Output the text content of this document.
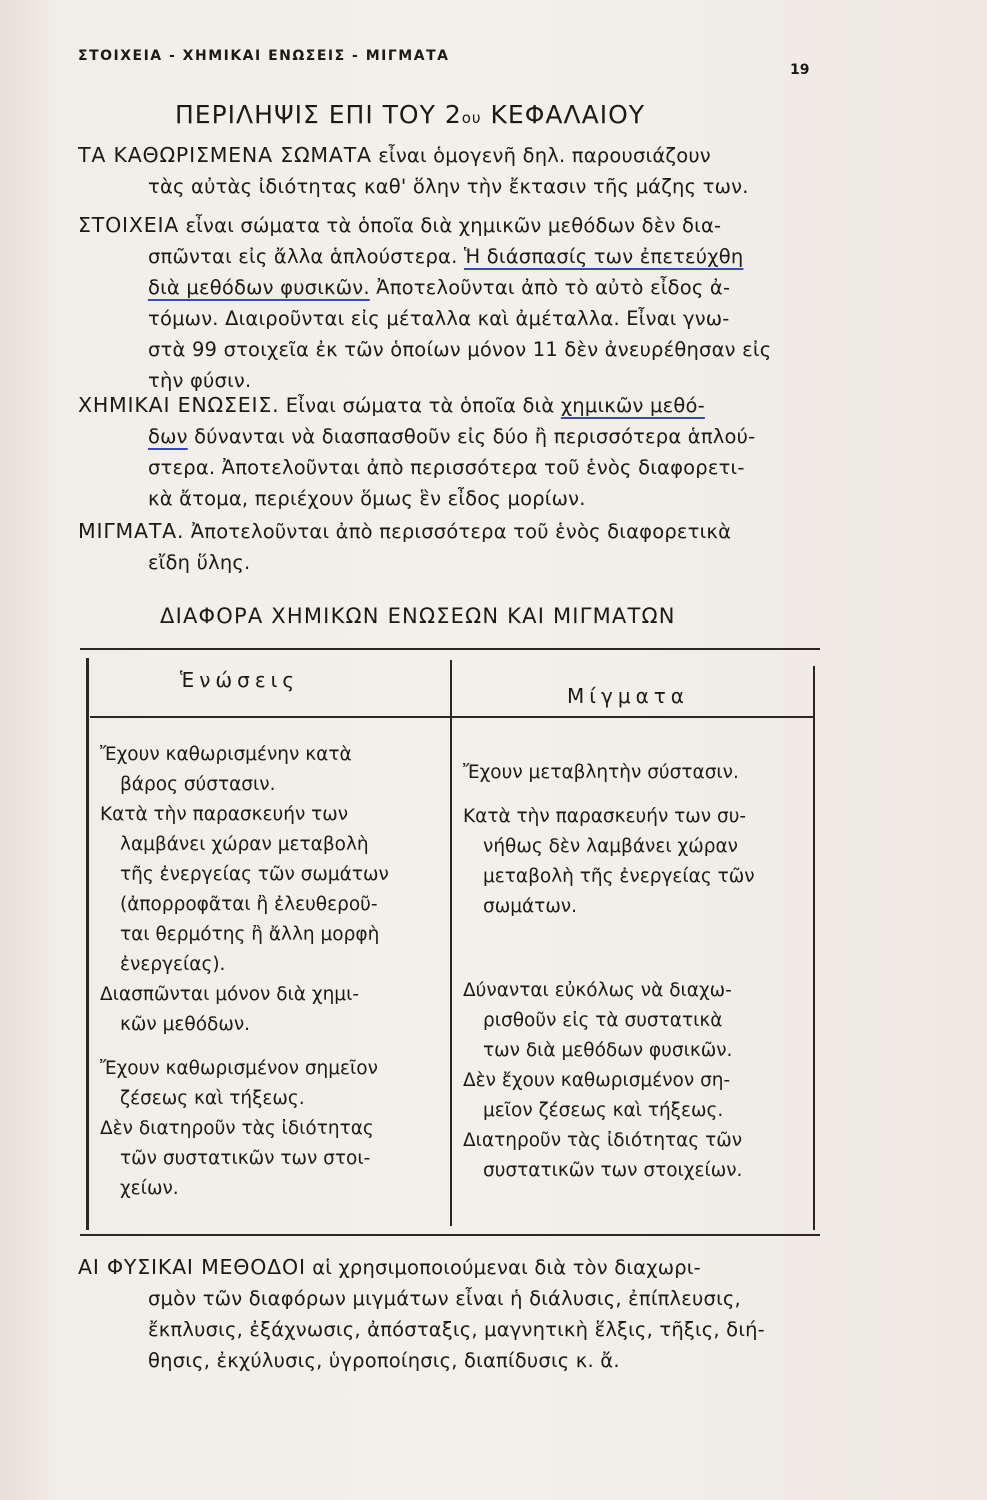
ΣΤΟΙΧΕΙΑ - ΧΗΜΙΚΑΙ ΕΝΩΣΕΙΣ - ΜΙΓΜΑΤΑ
19
ΠΕΡΙΛΗΨΙΣ ΕΠΙ ΤΟΥ 2ου ΚΕΦΑΛΑΙΟΥ
ΤΑ ΚΑΘΩΡΙΣΜΕΝΑ ΣΩΜΑΤΑ εἶναι ὁμογενῆ δηλ. παρουσιάζουν
τὰς αὐτὰς ἰδιότητας καθ' ὅλην τὴν ἔκτασιν τῆς μάζης των.
ΣΤΟΙΧΕΙΑ εἶναι σώματα τὰ ὁποῖα διὰ χημικῶν μεθόδων δὲν δια-
σπῶνται εἰς ἄλλα ἁπλούστερα. Ἡ διάσπασίς των ἐπετεύχθη
διὰ μεθόδων φυσικῶν. Ἀποτελοῦνται ἀπὸ τὸ αὐτὸ εἶδος ἀ-
τόμων. Διαιροῦνται εἰς μέταλλα καὶ ἀμέταλλα. Εἶναι γνω-
στὰ 99 στοιχεῖα ἐκ τῶν ὁποίων μόνον 11 δὲν ἀνευρέθησαν εἰς
τὴν φύσιν.
ΧΗΜΙΚΑΙ ΕΝΩΣΕΙΣ. Εἶναι σώματα τὰ ὁποῖα διὰ χημικῶν μεθό-
δων δύνανται νὰ διασπασθοῦν εἰς δύο ἢ περισσότερα ἁπλού-
στερα. Ἀποτελοῦνται ἀπὸ περισσότερα τοῦ ἑνὸς διαφορετι-
κὰ ἄτομα, περιέχουν ὅμως ἓν εἶδος μορίων.
ΜΙΓΜΑΤΑ. Ἀποτελοῦνται ἀπὸ περισσότερα τοῦ ἑνὸς διαφορετικὰ
εἴδη ὕλης.
ΔΙΑΦΟΡΑ ΧΗΜΙΚΩΝ ΕΝΩΣΕΩΝ ΚΑΙ ΜΙΓΜΑΤΩΝ
Ἑνώσεις
Μίγματα

Ἔχουν καθωρισμένην κατὰ

βάρος σύστασιν.

Κατὰ τὴν παρασκευήν των

λαμβάνει χώραν μεταβολὴ

τῆς ἐνεργείας τῶν σωμάτων

(ἀπορροφᾶται ἢ ἐλευθεροῦ-

ται θερμότης ἢ ἄλλη μορφὴ

ἐνεργείας).

Διασπῶνται μόνον διὰ χημι-

κῶν μεθόδων.

Ἔχουν καθωρισμένον σημεῖον

ζέσεως καὶ τήξεως.

Δὲν διατηροῦν τὰς ἰδιότητας

τῶν συστατικῶν των στοι-

χείων.

Ἔχουν μεταβλητὴν σύστασιν.

Κατὰ τὴν παρασκευήν των συ-

νήθως δὲν λαμβάνει χώραν

μεταβολὴ τῆς ἐνεργείας τῶν

σωμάτων.

Δύνανται εὐκόλως νὰ διαχω-

ρισθοῦν εἰς τὰ συστατικὰ

των διὰ μεθόδων φυσικῶν.

Δὲν ἔχουν καθωρισμένον ση-

μεῖον ζέσεως καὶ τήξεως.

Διατηροῦν τὰς ἰδιότητας τῶν

συστατικῶν των στοιχείων.

ΑΙ ΦΥΣΙΚΑΙ ΜΕΘΟΔΟΙ αἱ χρησιμοποιούμεναι διὰ τὸν διαχωρι-
σμὸν τῶν διαφόρων μιγμάτων εἶναι ἡ διάλυσις, ἐπίπλευσις,
ἔκπλυσις, ἐξάχνωσις, ἀπόσταξις, μαγνητικὴ ἕλξις, τῆξις, διή-
θησις, ἐκχύλυσις, ὑγροποίησις, διαπίδυσις κ. ἄ.
